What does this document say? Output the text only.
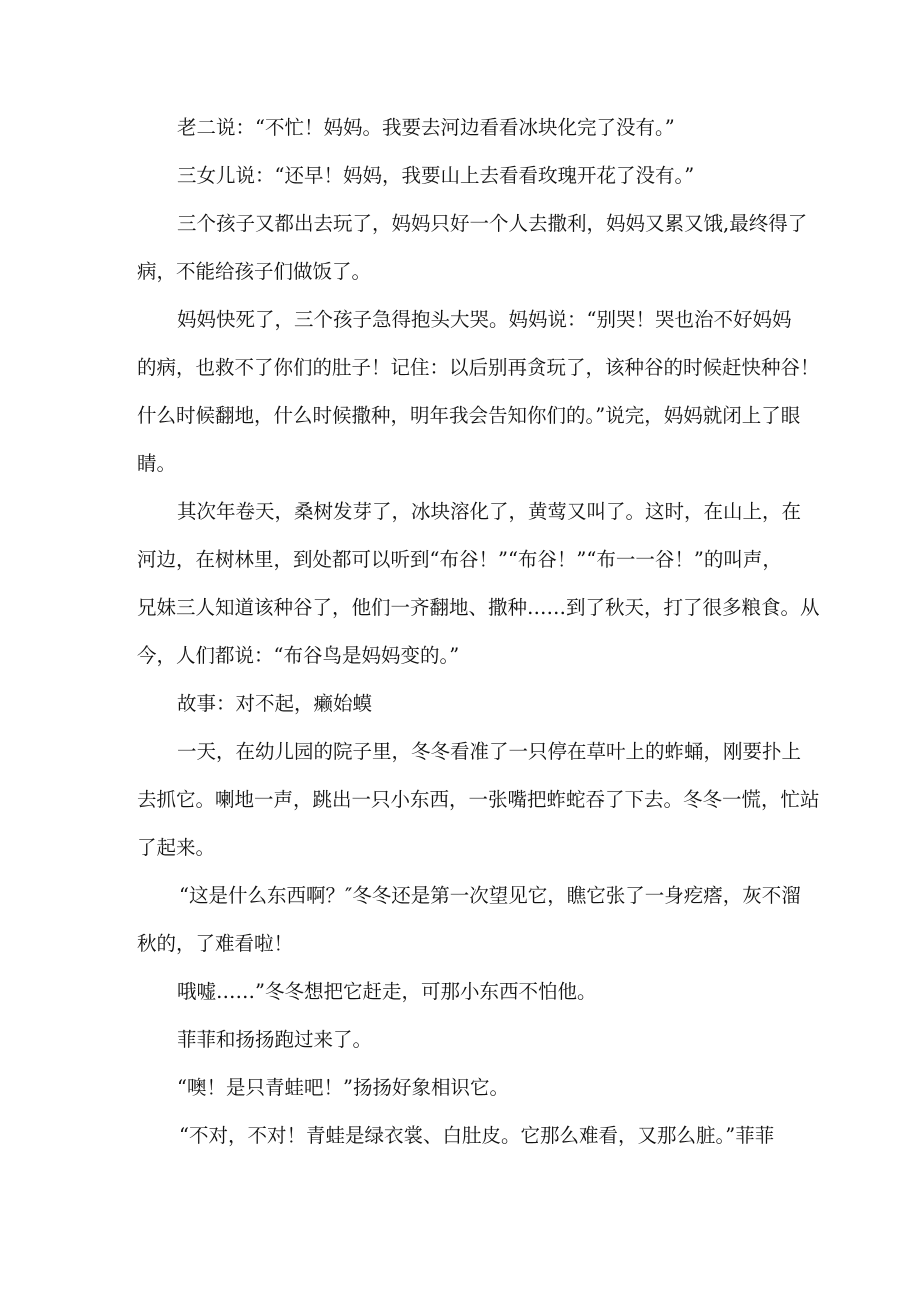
老二说：“不忙！妈妈。我要去河边看看冰块化完了没有。”

三女儿说：“还早！妈妈，我要山上去看看玫瑰开花了没有。”

三个孩子又都出去玩了，妈妈只好一个人去撒利，妈妈又累又饿,最终得了

病，不能给孩子们做饭了。

妈妈快死了，三个孩子急得抱头大哭。妈妈说：“别哭！哭也治不好妈妈

的病，也救不了你们的肚子！记住：以后别再贪玩了，该种谷的时候赶快种谷！

什么时候翻地，什么时候撒种，明年我会告知你们的。”说完，妈妈就闭上了眼

睛。

其次年卷天，桑树发芽了，冰块溶化了，黄莺又叫了。这时，在山上，在

河边，在树林里，到处都可以听到“布谷！”“布谷！”“布一一谷！”的叫声，

兄妹三人知道该种谷了，他们一齐翻地、撒种……到了秋天，打了很多粮食。从

今，人们都说：“布谷鸟是妈妈变的。”

故事：对不起，癞始蟆

一天，在幼儿园的院子里，冬冬看准了一只停在草叶上的蚱蛹，刚要扑上

去抓它。喇地一声，跳出一只小东西，一张嘴把蚱蛇吞了下去。冬冬一慌，忙站

了起来。

“这是什么东西啊？″冬冬还是第一次望见它，瞧它张了一身疙瘩，灰不溜

秋的，了难看啦！

哦嘘……”冬冬想把它赶走，可那小东西不怕他。

菲菲和扬扬跑过来了。

“噢！是只青蛙吧！”扬扬好象相识它。

“不对，不对！青蛙是绿衣裳、白肚皮。它那么难看，又那么脏。”菲菲
